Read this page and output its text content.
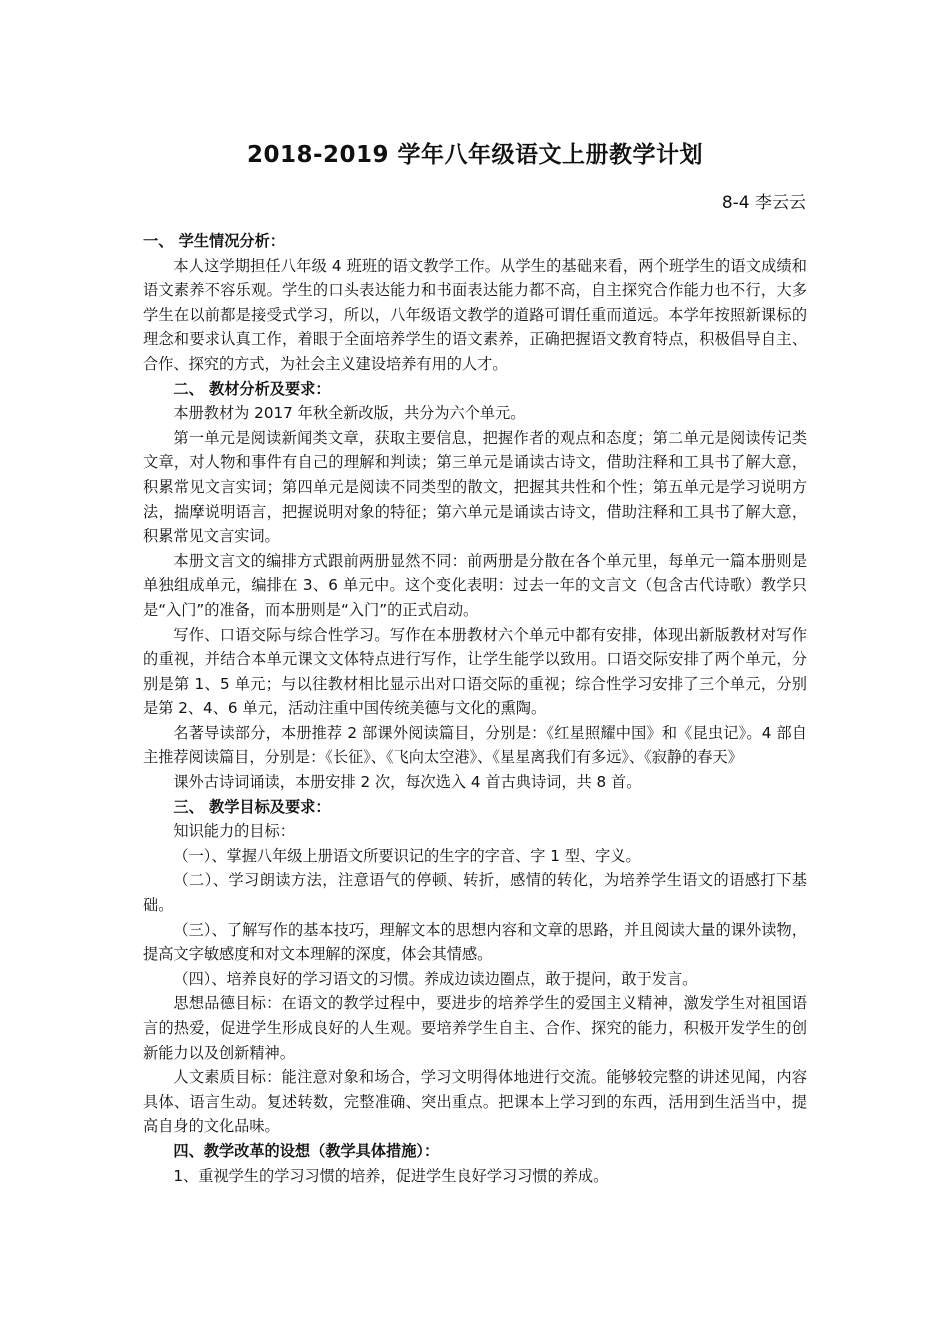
2018-2019 学年八年级语文上册教学计划
8-4 李云云

一、 学生情况分析：

本人这学期担任八年级 4 班班的语文教学工作。从学生的基础来看，两个班学生的语文成绩和语文素养不容乐观。学生的口头表达能力和书面表达能力都不高，自主探究合作能力也不行，大多学生在以前都是接受式学习，所以，八年级语文教学的道路可谓任重而道远。本学年按照新课标的理念和要求认真工作，着眼于全面培养学生的语文素养，正确把握语文教育特点，积极倡导自主、合作、探究的方式，为社会主义建设培养有用的人才。

二、 教材分析及要求：

本册教材为 2017 年秋全新改版，共分为六个单元。

第一单元是阅读新闻类文章，获取主要信息，把握作者的观点和态度；第二单元是阅读传记类文章，对人物和事件有自己的理解和判读；第三单元是诵读古诗文，借助注释和工具书了解大意，积累常见文言实词；第四单元是阅读不同类型的散文，把握其共性和个性；第五单元是学习说明方法，揣摩说明语言，把握说明对象的特征；第六单元是诵读古诗文，借助注释和工具书了解大意，积累常见文言实词。

本册文言文的编排方式跟前两册显然不同：前两册是分散在各个单元里，每单元一篇本册则是单独组成单元，编排在 3、6 单元中。这个变化表明：过去一年的文言文（包含古代诗歌）教学只是“入门”的准备，而本册则是“入门”的正式启动。

写作、口语交际与综合性学习。写作在本册教材六个单元中都有安排，体现出新版教材对写作的重视，并结合本单元课文文体特点进行写作，让学生能学以致用。口语交际安排了两个单元，分别是第 1、5 单元；与以往教材相比显示出对口语交际的重视；综合性学习安排了三个单元，分别是第 2、4、6 单元，活动注重中国传统美德与文化的熏陶。

名著导读部分，本册推荐 2 部课外阅读篇目，分别是：《红星照耀中国》和《昆虫记》。4 部自主推荐阅读篇目，分别是：《长征》、《飞向太空港》、《星星离我们有多远》、《寂静的春天》

课外古诗词诵读，本册安排 2 次，每次选入 4 首古典诗词，共 8 首。

三、 教学目标及要求：

知识能力的目标：

（一）、掌握八年级上册语文所要识记的生字的字音、字 1 型、字义。

（二）、学习朗读方法，注意语气的停顿、转折，感情的转化，为培养学生语文的语感打下基础。

（三）、了解写作的基本技巧，理解文本的思想内容和文章的思路，并且阅读大量的课外读物，提高文字敏感度和对文本理解的深度，体会其情感。

（四）、培养良好的学习语文的习惯。养成边读边圈点，敢于提问，敢于发言。

思想品德目标：在语文的教学过程中，要进步的培养学生的爱国主义精神，激发学生对祖国语言的热爱，促进学生形成良好的人生观。要培养学生自主、合作、探究的能力，积极开发学生的创新能力以及创新精神。

人文素质目标：能注意对象和场合，学习文明得体地进行交流。能够较完整的讲述见闻，内容具体、语言生动。复述转数，完整准确、突出重点。把课本上学习到的东西，活用到生活当中，提高自身的文化品味。

四、教学改革的设想（教学具体措施）：

1、重视学生的学习习惯的培养，促进学生良好学习习惯的养成。
